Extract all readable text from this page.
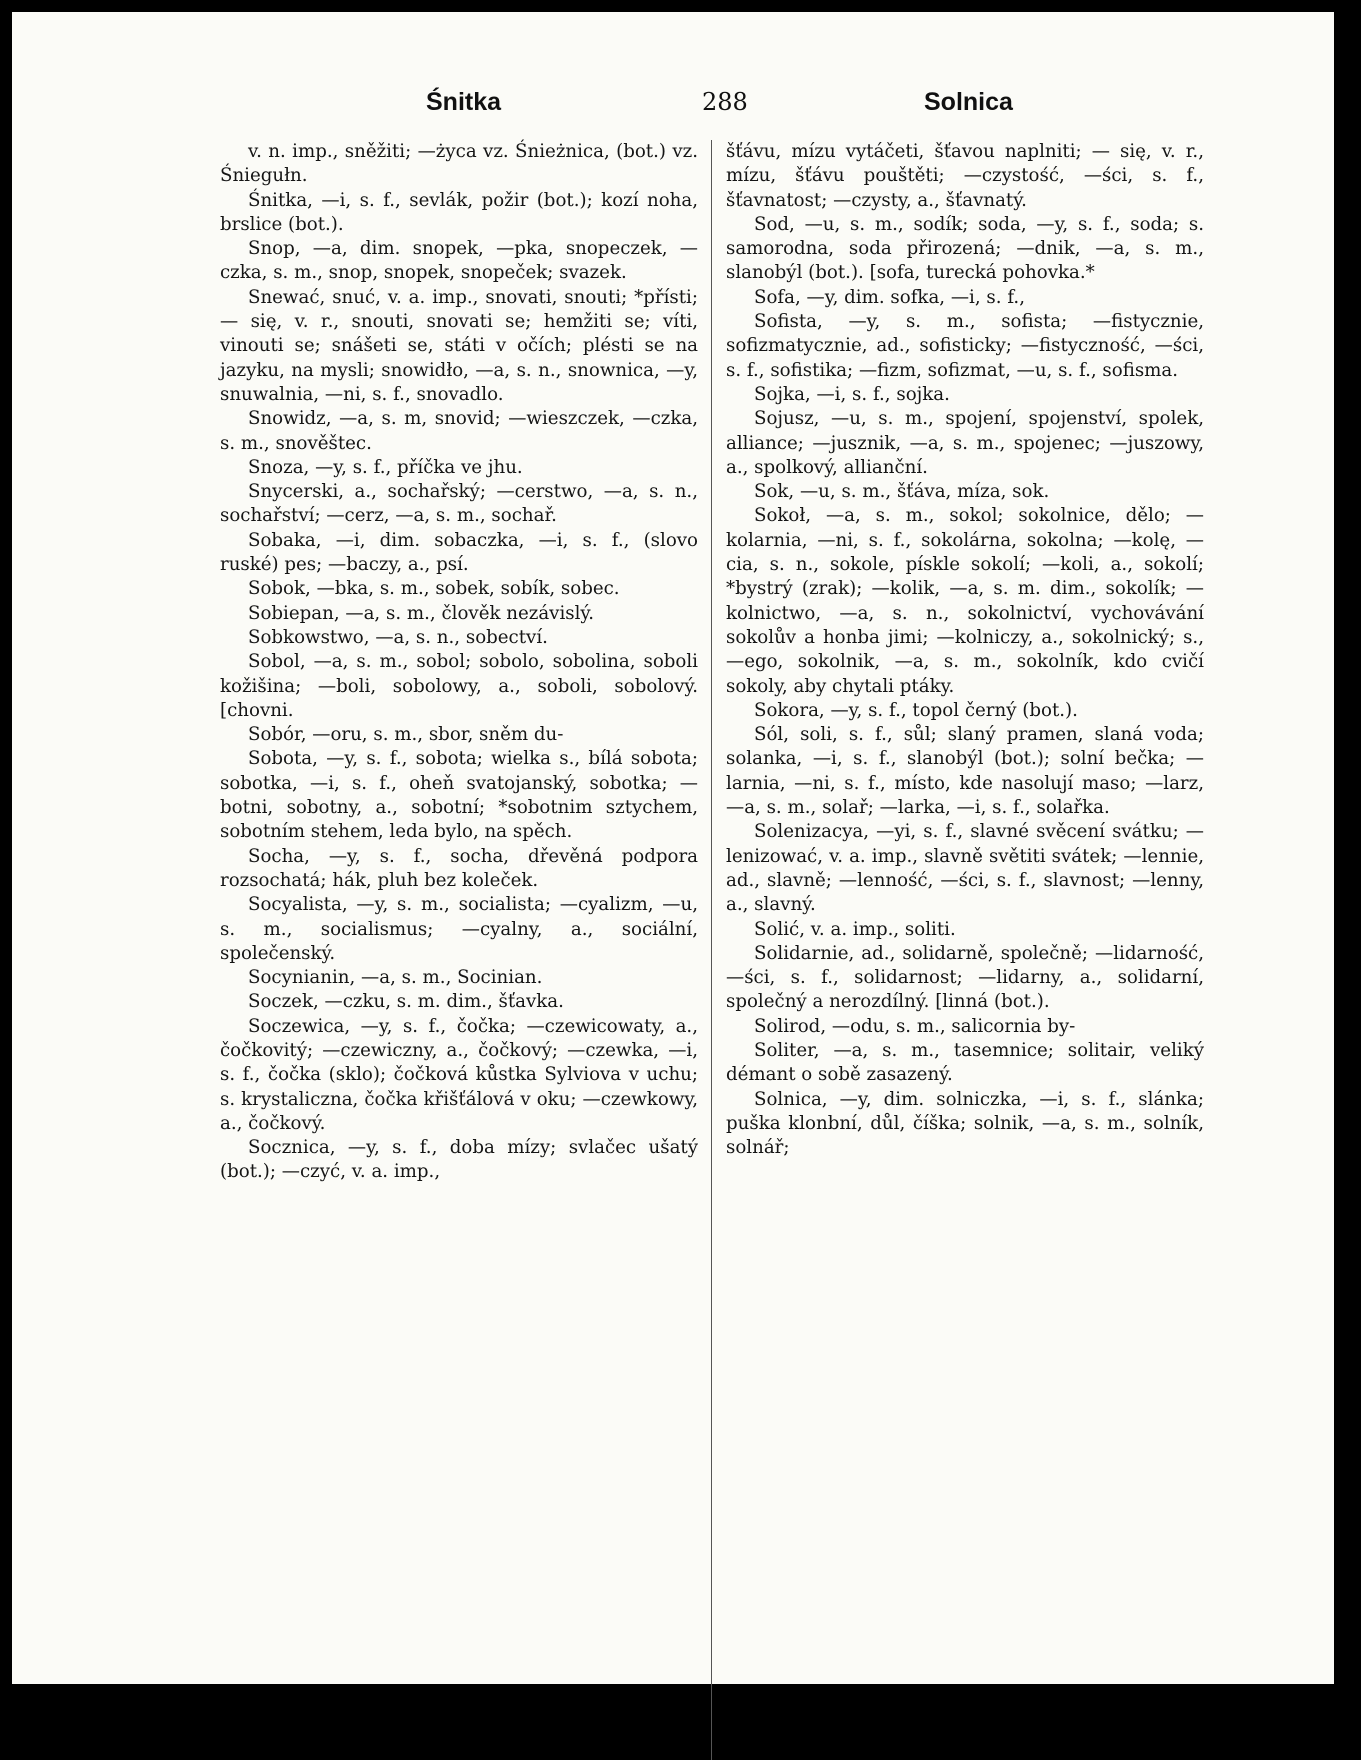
Śnitka	288	Solnica

v. n. imp., sněžiti; —życa vz. Śnieżnica, (bot.) vz. Śniegułn.

Śnitka, —i, s. f., sevlák, požir (bot.); kozí noha, brslice (bot.).

Snop, —a, dim. snopek, —pka, snopeczek, —czka, s. m., snop, snopek, snopeček; svazek.

Snewać, snuć, v. a. imp., snovati, snouti; *přísti; — się, v. r., snouti, snovati se; hemžiti se; víti, vinouti se; snášeti se, státi v očích; plésti se na jazyku, na mysli; snowidło, —a, s. n., snownica, —y, snuwalnia, —ni, s. f., snovadlo.

Snowidz, —a, s. m, snovid; —wieszczek, —czka, s. m., snověštec.

Snoza, —y, s. f., příčka ve jhu.

Snycerski, a., sochařský; —cerstwo, —a, s. n., sochařství; —cerz, —a, s. m., sochař.

Sobaka, —i, dim. sobaczka, —i, s. f., (slovo ruské) pes; —baczy, a., psí.

Sobok, —bka, s. m., sobek, sobík, sobec.

Sobiepan, —a, s. m., člověk nezávislý.

Sobkowstwo, —a, s. n., sobectví.

Sobol, —a, s. m., sobol; sobolo, sobolina, soboli kožišina; —boli, sobolowy, a., soboli, sobolový. [chovni.

Sobór, —oru, s. m., sbor, sněm du-

Sobota, —y, s. f., sobota; wielka s., bílá sobota; sobotka, —i, s. f., oheň svatojanský, sobotka; —botni, sobotny, a., sobotní; *sobotnim sztychem, sobotním stehem, leda bylo, na spěch.

Socha, —y, s. f., socha, dřevěná podpora rozsochatá; hák, pluh bez koleček.

Socyalista, —y, s. m., socialista; —cyalizm, —u, s. m., socialismus; —cyalny, a., sociální, společenský.

Socynianin, —a, s. m., Socinian.

Soczek, —czku, s. m. dim., šťavka.

Soczewica, —y, s. f., čočka; —czewicowaty, a., čočkovitý; —czewiczny, a., čočkový; —czewka, —i, s. f., čočka (sklo); čočková kůstka Sylviova v uchu; s. krystaliczna, čočka křišťálová v oku; —czewkowy, a., čočkový.

Socznica, —y, s. f., doba mízy; svlačec ušatý (bot.); —czyć, v. a. imp.,

šťávu, mízu vytáčeti, šťavou naplniti; — się, v. r., mízu, šťávu pouštěti; —czystość, —ści, s. f., šťavnatost; —czysty, a., šťavnatý.

Sod, —u, s. m., sodík; soda, —y, s. f., soda; s. samorodna, soda přirozená; —dnik, —a, s. m., slanobýl (bot.). [sofa, turecká pohovka.*

Sofa, —y, dim. sofka, —i, s. f.,

Sofista, —y, s. m., sofista; —fistycznie, sofizmatycznie, ad., sofisticky; —fistyczność, —ści, s. f., sofistika; —fizm, sofizmat, —u, s. f., sofisma.

Sojka, —i, s. f., sojka.

Sojusz, —u, s. m., spojení, spojenství, spolek, alliance; —jusznik, —a, s. m., spojenec; —juszowy, a., spolkový, allianční.

Sok, —u, s. m., šťáva, míza, sok.

Sokoł, —a, s. m., sokol; sokolnice, dělo; —kolarnia, —ni, s. f., sokolárna, sokolna; —kolę, —cia, s. n., sokole, pískle sokolí; —koli, a., sokolí; *bystrý (zrak); —kolik, —a, s. m. dim., sokolík; —kolnictwo, —a, s. n., sokolnictví, vychovávání sokolův a honba jimi; —kolniczy, a., sokolnický; s., —ego, sokolnik, —a, s. m., sokolník, kdo cvičí sokoly, aby chytali ptáky.

Sokora, —y, s. f., topol černý (bot.).

Sól, soli, s. f., sůl; slaný pramen, slaná voda; solanka, —i, s. f., slanobýl (bot.); solní bečka; —larnia, —ni, s. f., místo, kde nasolují maso; —larz, —a, s. m., solař; —larka, —i, s. f., solařka.

Solenizacya, —yi, s. f., slavné svěcení svátku; —lenizować, v. a. imp., slavně světiti svátek; —lennie, ad., slavně; —lenność, —ści, s. f., slavnost; —lenny, a., slavný.

Solić, v. a. imp., soliti.

Solidarnie, ad., solidarně, společně; —lidarność, —ści, s. f., solidarnost; —lidarny, a., solidarní, společný a nerozdílný. [linná (bot.).

Solirod, —odu, s. m., salicornia by-

Soliter, —a, s. m., tasemnice; solitair, veliký démant o sobě zasazený.

Solnica, —y, dim. solniczka, —i, s. f., slánka; puška klonbní, důl, číška; solnik, —a, s. m., solník, solnář;
